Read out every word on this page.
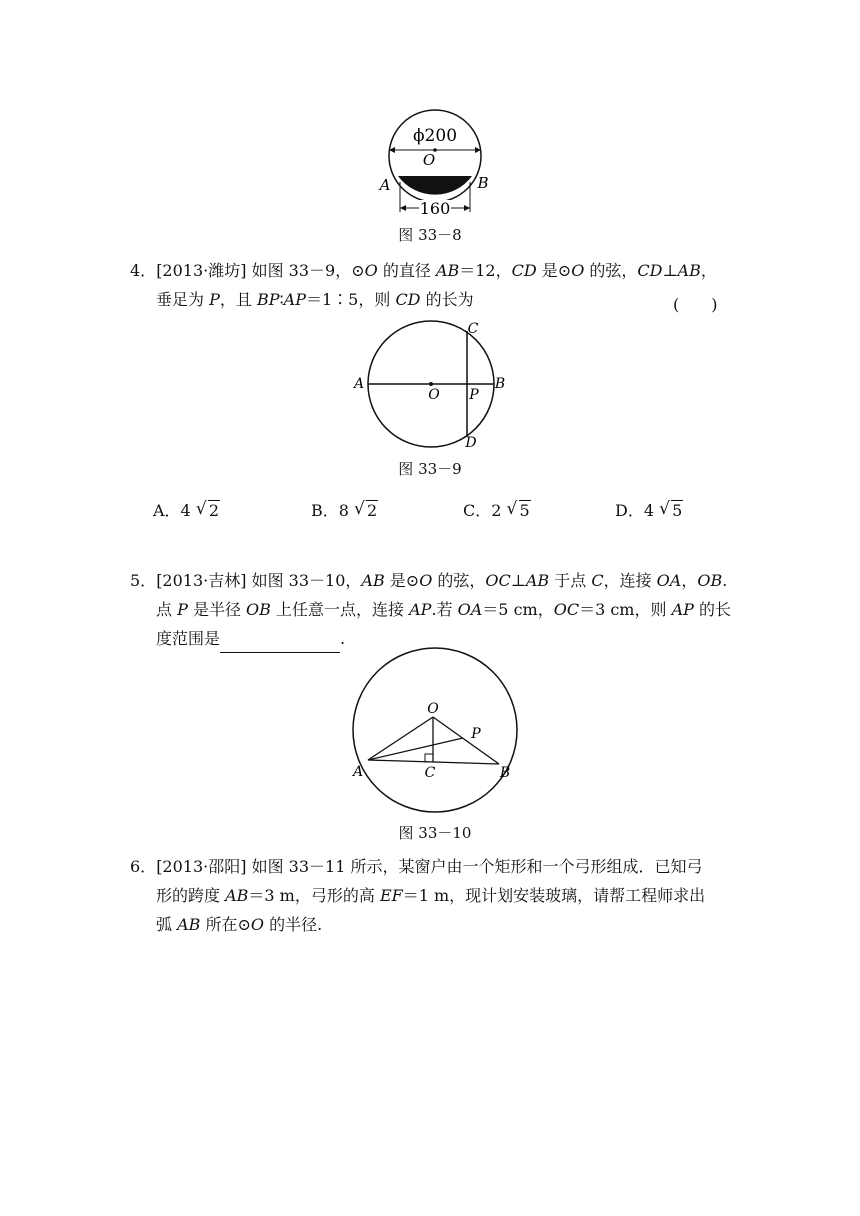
ϕ200
O
A	B
160
图 33－8
4．[2013·潍坊] 如图 33－9，⊙O 的直径 AB＝12，CD 是⊙O 的弦，CD⊥AB，
垂足为 P，且 BP∶AP＝1∶5，则 CD 的长为	(　　)
A
O P
B
C
D
图 33－9
A．4 √ 2	B．8 √ 2	C．2 √ 5	D．4 √ 5
5．[2013·吉林] 如图 33－10，AB 是⊙O 的弦，OC⊥AB 于点 C，连接 OA，OB.
点 P 是半径 OB 上任意一点，连接 AP.若 OA＝5 cm，OC＝3 cm，则 AP 的长
度范围是	.
O
P
A	C	B
图 33－10
6．[2013·邵阳] 如图 33－11 所示，某窗户由一个矩形和一个弓形组成．已知弓
形的跨度 AB＝3 m，弓形的高 EF＝1 m，现计划安装玻璃，请帮工程师求出
弧 AB 所在⊙O 的半径.
